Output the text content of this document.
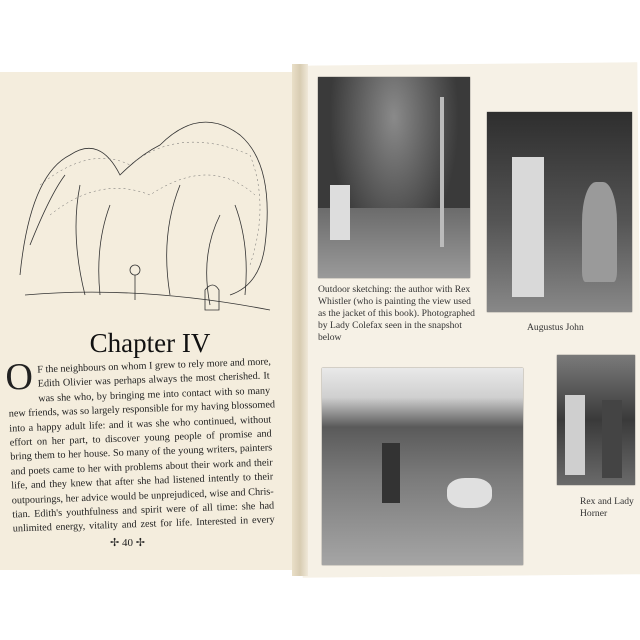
Chapter IV
O F the neighbours on whom I grew to rely more and more,
Edith Olivier was perhaps always the most cherished. It
was she who, by bringing me into contact with so many
new friends, was so largely responsible for my having blossomed
into a happy adult life: and it was she who continued, without
effort on her part, to discover young people of promise and
bring them to her house. So many of the young writers, painters
and poets came to her with problems about their work and their
life, and they knew that after she had listened intently to their
outpourings, her advice would be unprejudiced, wise and Chris-
tian. Edith's youthfulness and spirit were of all time: she had
unlimited energy, vitality and zest for life. Interested in every
✢ 40 ✢
Outdoor sketching: the author with Rex Whistler (who is painting the view used as the jacket of this book). Photographed by Lady Colefax seen in the snapshot below
Augustus John
Rex and Lady Horner
